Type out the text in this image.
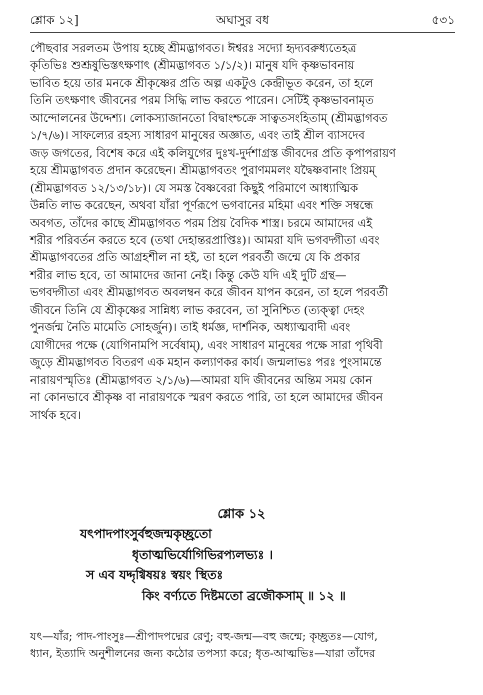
শ্লোক ১২]	অঘাসুর বধ	৫৩১
পৌছবার সরলতম উপায় হচ্ছে শ্রীমদ্ভাগবত। ঈশ্বরঃ সদ্যো হৃদ্যবরুধ্যতেহত্র
কৃতিভিঃ শুশ্রূষুভিস্তৎক্ষণাৎ (শ্রীমদ্ভাগবত ১/১/২)। মানুষ যদি কৃষ্ণভাবনায়
ভাবিত হয়ে তার মনকে শ্রীকৃষ্ণের প্রতি অল্প একটুও কেন্দ্রীভূত করেন, তা হলে
তিনি তৎক্ষণাৎ জীবনের পরম সিদ্ধি লাভ করতে পারেন। সেটিই কৃষ্ণভাবনামৃত
আন্দোলনের উদ্দেশ্য। লোকস্যাজানতো বিদ্বাংশ্চক্রে সাত্বতসংহিতাম্ (শ্রীমদ্ভাগবত
১/৭/৬)। সাফল্যের রহস্য সাধারণ মানুষের অজ্ঞাত, এবং তাই শ্রীল ব্যাসদেব
জড় জগতের, বিশেষ করে এই কলিযুগের দুঃখ-দুর্দশাগ্রস্ত জীবদের প্রতি কৃপাপরায়ণ
হয়ে শ্রীমদ্ভাগবত প্রদান করেছেন। শ্রীমদ্ভাগবতং পুরাণমমলং যদ্বৈষ্ণবানাং প্রিয়ম্
(শ্রীমদ্ভাগবত ১২/১৩/১৮)। যে সমস্ত বৈষ্ণবেরা কিছুই পরিমাণে আধ্যাত্মিক
উন্নতি লাভ করেছেন, অথবা যাঁরা পূর্ণরূপে ভগবানের মহিমা এবং শক্তি সম্বন্ধে
অবগত, তাঁদের কাছে শ্রীমদ্ভাগবত পরম প্রিয় বৈদিক শাস্ত্র। চরমে আমাদের এই
শরীর পরিবর্তন করতে হবে (তথা দেহান্তরপ্রাপ্তিঃ)। আমরা যদি ভগবদ্গীতা এবং
শ্রীমদ্ভাগবতের প্রতি আগ্রহশীল না হই, তা হলে পরবর্তী জন্মে যে কি প্রকার
শরীর লাভ হবে, তা আমাদের জানা নেই। কিন্তু কেউ যদি এই দুটি গ্রন্থ—
ভগবদ্গীতা এবং শ্রীমদ্ভাগবত অবলম্বন করে জীবন যাপন করেন, তা হলে পরবর্তী
জীবনে তিনি যে শ্রীকৃষ্ণের সান্নিধ্য লাভ করবেন, তা সুনিশ্চিত (ত্যক্ত্বা দেহং
পুনর্জন্ম নৈতি মামেতি সোহর্জুন)। তাই ধর্মজ্ঞ, দার্শনিক, অধ্যাত্মবাদী এবং
যোগীদের পক্ষে (যোগিনামপি সর্বেষাম্), এবং সাধারণ মানুষের পক্ষে সারা পৃথিবী
জুড়ে শ্রীমদ্ভাগবত বিতরণ এক মহান কল্যাণকর কার্য। জন্মলাভঃ পরঃ পুংসামন্তে
নারায়ণস্মৃতিঃ (শ্রীমদ্ভাগবত ২/১/৬)—আমরা যদি জীবনের অন্তিম সময় কোন
না কোনভাবে শ্রীকৃষ্ণ বা নারায়ণকে স্মরণ করতে পারি, তা হলে আমাদের জীবন
সার্থক হবে।
শ্লোক ১২
যৎপাদপাংসুর্বহুজন্মকৃচ্ছ্রতো
ধৃতাত্মভির্যোগিভিরপ্যলভ্যঃ ।
স এব যদ্দৃগ্বিষয়ঃ স্বয়ং স্থিতঃ
কিং বর্ণ্যতে দিষ্টমতো ব্রজৌকসাম্ ॥ ১২ ॥
যৎ—যাঁর; পাদ-পাংসুঃ—শ্রীপাদপদ্মের রেণু; বহু-জন্ম—বহু জন্মে; কৃচ্ছ্রতঃ—যোগ,
ধ্যান, ইত্যাদি অনুশীলনের জন্য কঠোর তপস্যা করে; ধৃত-আত্মভিঃ—যারা তাঁদের
